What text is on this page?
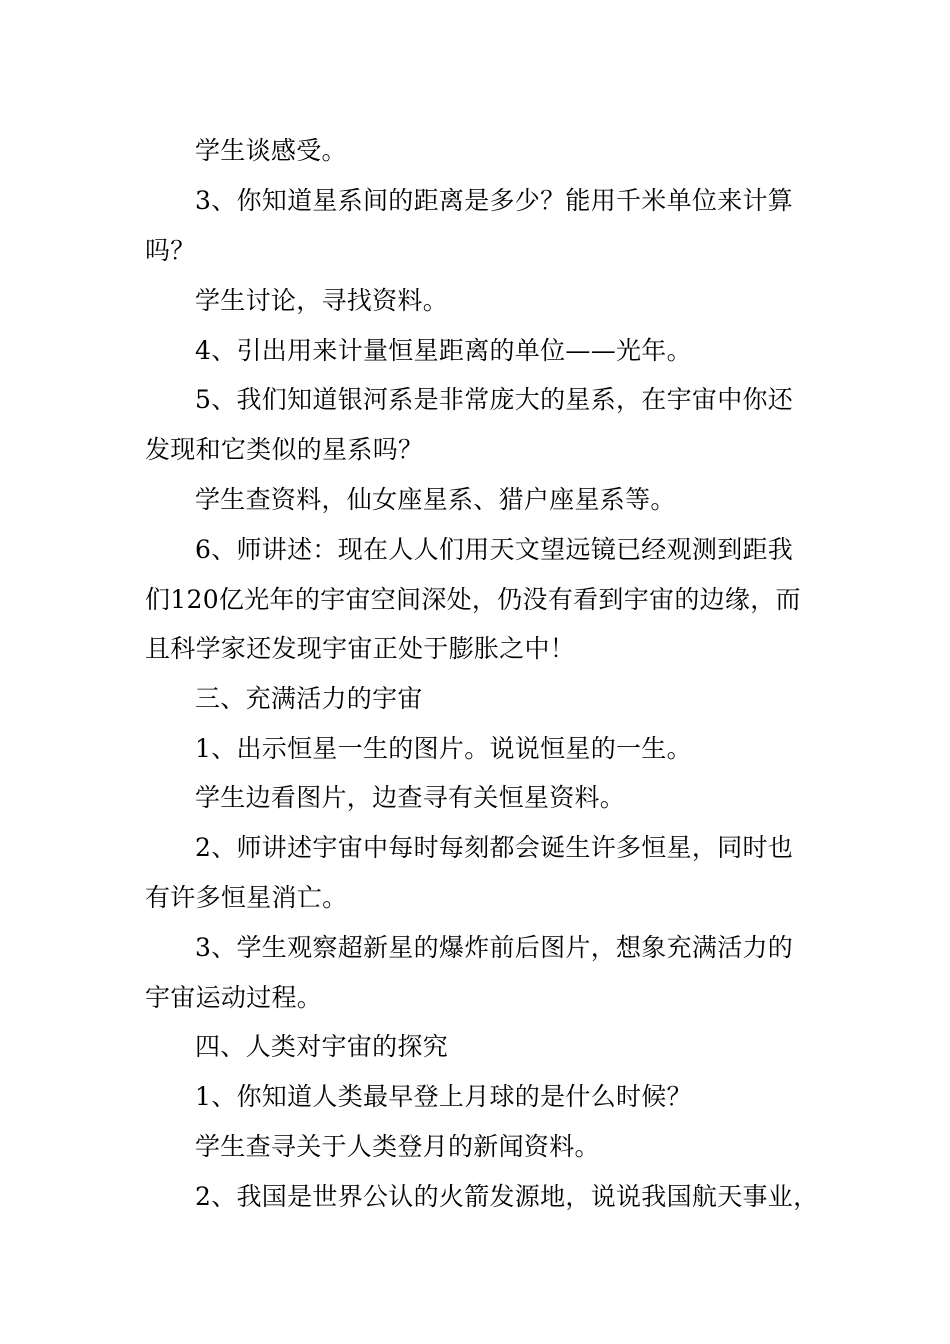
学生谈感受。
3、你知道星系间的距离是多少？能用千米单位来计算
吗？
学生讨论，寻找资料。
4、引出用来计量恒星距离的单位——光年。
5、我们知道银河系是非常庞大的星系，在宇宙中你还
发现和它类似的星系吗？
学生查资料，仙女座星系、猎户座星系等。
6、师讲述：现在人人们用天文望远镜已经观测到距我
们120亿光年的宇宙空间深处，仍没有看到宇宙的边缘，而
且科学家还发现宇宙正处于膨胀之中！
三、充满活力的宇宙
1、出示恒星一生的图片。说说恒星的一生。
学生边看图片，边查寻有关恒星资料。
2、师讲述宇宙中每时每刻都会诞生许多恒星，同时也
有许多恒星消亡。
3、学生观察超新星的爆炸前后图片，想象充满活力的
宇宙运动过程。
四、人类对宇宙的探究
1、你知道人类最早登上月球的是什么时候？
学生查寻关于人类登月的新闻资料。
2、我国是世界公认的火箭发源地，说说我国航天事业，
